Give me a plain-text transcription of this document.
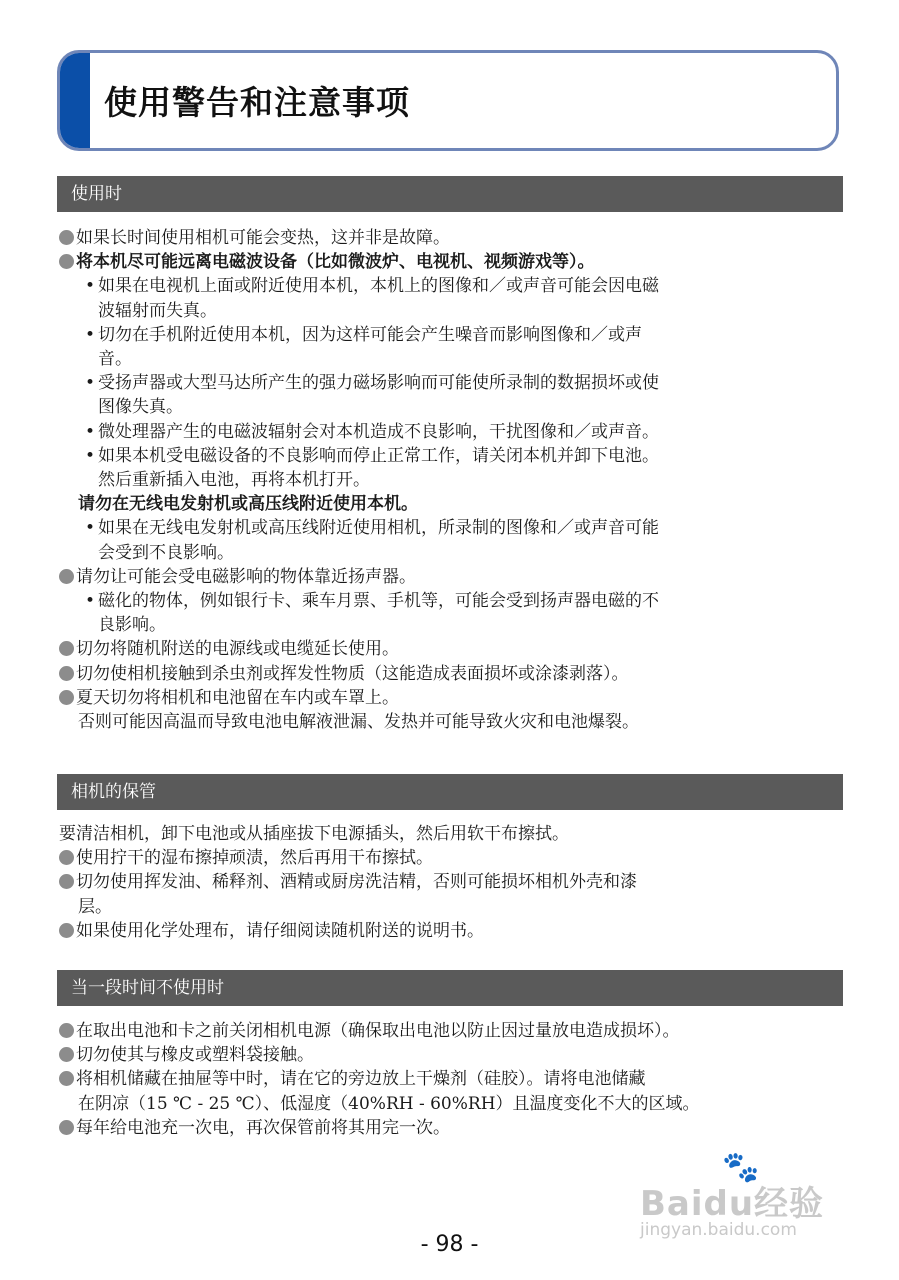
使用警告和注意事项
使用时
如果长时间使用相机可能会变热，这并非是故障。
将本机尽可能远离电磁波设备（比如微波炉、电视机、视频游戏等）。
• 如果在电视机上面或附近使用本机，本机上的图像和／或声音可能会因电磁
波辐射而失真。
• 切勿在手机附近使用本机，因为这样可能会产生噪音而影响图像和／或声
音。
• 受扬声器或大型马达所产生的强力磁场影响而可能使所录制的数据损坏或使
图像失真。
• 微处理器产生的电磁波辐射会对本机造成不良影响，干扰图像和／或声音。
• 如果本机受电磁设备的不良影响而停止正常工作，请关闭本机并卸下电池。
然后重新插入电池，再将本机打开。
请勿在无线电发射机或高压线附近使用本机。
• 如果在无线电发射机或高压线附近使用相机，所录制的图像和／或声音可能
会受到不良影响。
请勿让可能会受电磁影响的物体靠近扬声器。
• 磁化的物体，例如银行卡、乘车月票、手机等，可能会受到扬声器电磁的不
良影响。
切勿将随机附送的电源线或电缆延长使用。
切勿使相机接触到杀虫剂或挥发性物质（这能造成表面损坏或涂漆剥落）。
夏天切勿将相机和电池留在车内或车罩上。
否则可能因高温而导致电池电解液泄漏、发热并可能导致火灾和电池爆裂。
相机的保管
要清洁相机，卸下电池或从插座拔下电源插头，然后用软干布擦拭。
使用拧干的湿布擦掉顽渍，然后再用干布擦拭。
切勿使用挥发油、稀释剂、酒精或厨房洗洁精，否则可能损坏相机外壳和漆
层。
如果使用化学处理布，请仔细阅读随机附送的说明书。
当一段时间不使用时
在取出电池和卡之前关闭相机电源（确保取出电池以防止因过量放电造成损坏）。
切勿使其与橡皮或塑料袋接触。
将相机储藏在抽屉等中时，请在它的旁边放上干燥剂（硅胶）。请将电池储藏
在阴凉（15 ℃ - 25 ℃）、低湿度（40%RH - 60%RH）且温度变化不大的区域。
每年给电池充一次电，再次保管前将其用完一次。
🐾
Baidu经验
jingyan.baidu.com
- 98 -
